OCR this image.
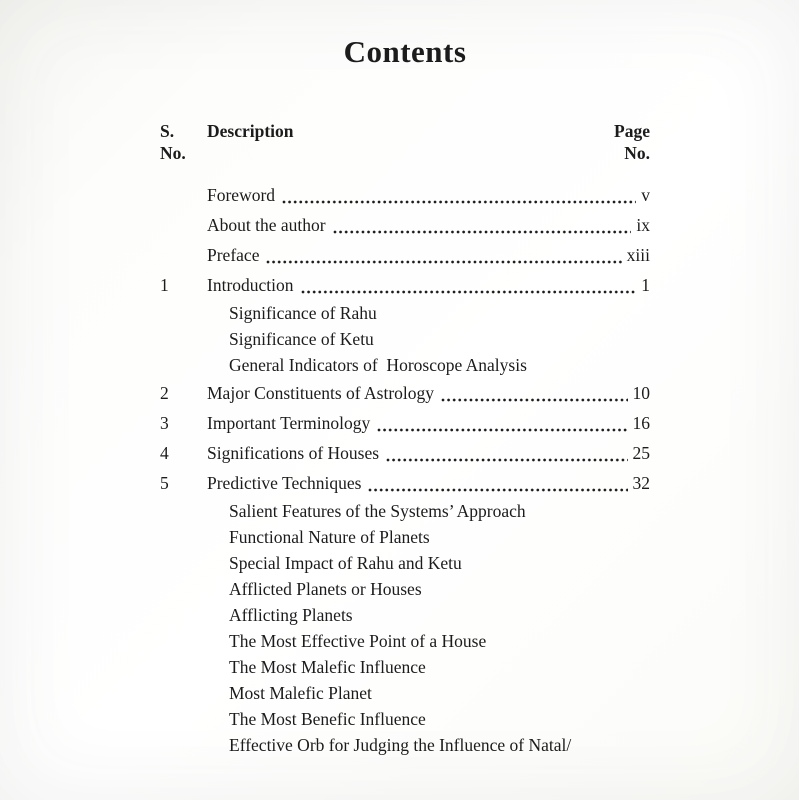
Contents
S.
No.
Description	Page
No.
Foreword	v
About the author	ix
Preface	xiii
1	Introduction	1
Significance of Rahu
Significance of Ketu
General Indicators of  Horoscope Analysis
2	Major Constituents of Astrology	10
3	Important Terminology	16
4	Significations of Houses	25
5	Predictive Techniques	32
Salient Features of the Systems’ Approach
Functional Nature of Planets
Special Impact of Rahu and Ketu
Afflicted Planets or Houses
Afflicting Planets
The Most Effective Point of a House
The Most Malefic Influence
Most Malefic Planet
The Most Benefic Influence
Effective Orb for Judging the Influence of Natal/
